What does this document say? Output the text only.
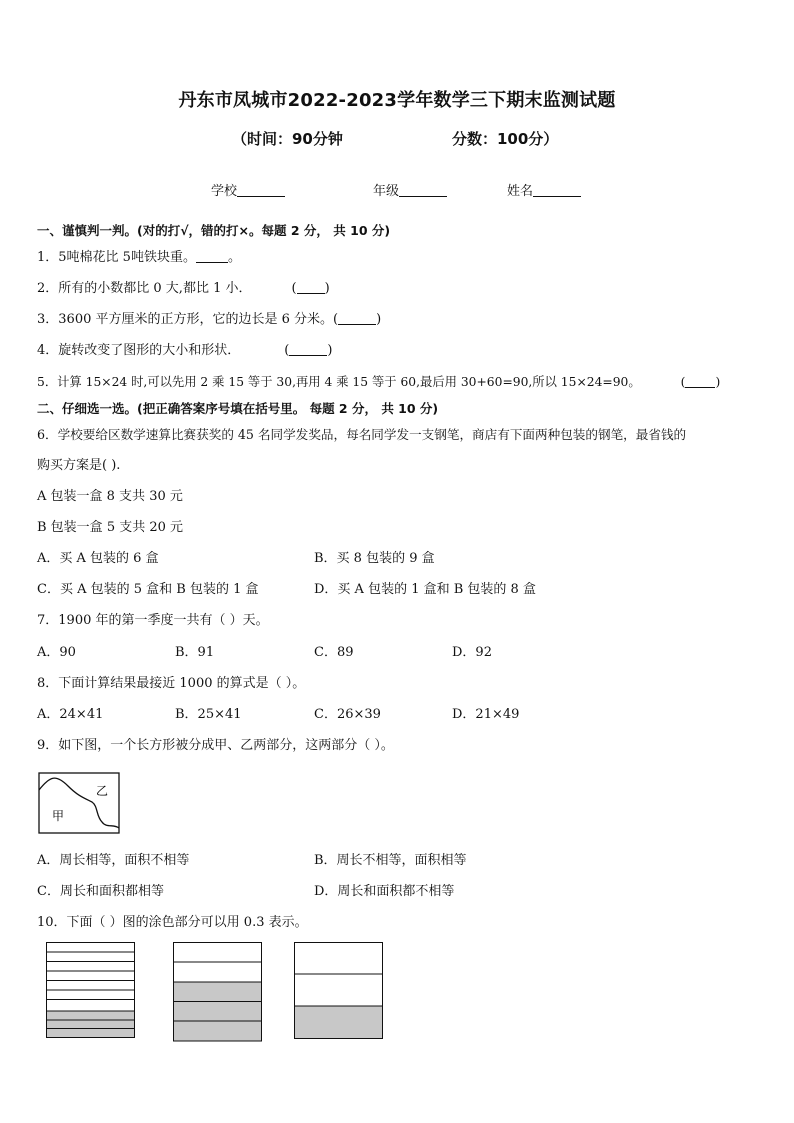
丹东市凤城市2022-2023学年数学三下期末监测试题
（时间：90分钟	分数：100分）
学校	年级	姓名
一、谨慎判一判。(对的打√，错的打×。每题 2 分， 共 10 分)
1．5吨棉花比 5吨铁块重。 。
2．所有的小数都比 0 大,都比 1 小．	( )
3．3600 平方厘米的正方形，它的边长是 6 分米。(	)
4．旋转改变了图形的大小和形状．	(	)
5．计算 15×24 时,可以先用 2 乘 15 等于 30,再用 4 乘 15 等于 60,最后用 30+60=90,所以 15×24=90。	( )
二、仔细选一选。(把正确答案序号填在括号里。 每题 2 分， 共 10 分)
6．学校要给区数学速算比赛获奖的 45 名同学发奖品，每名同学发一支钢笔，商店有下面两种包装的钢笔，最省钱的
购买方案是( ).
A 包装一盒 8 支共 30 元
B 包装一盒 5 支共 20 元
A．买 A 包装的 6 盒	B．买 8 包装的 9 盒
C．买 A 包装的 5 盒和 B 包装的 1 盒	D．买 A 包装的 1 盒和 B 包装的 8 盒
7．1900 年的第一季度一共有（ ）天。
A．90	B．91	C．89	D．92
8．下面计算结果最接近 1000 的算式是（ ）。
A．24×41	B．25×41	C．26×39	D．21×49
9．如下图，一个长方形被分成甲、乙两部分，这两部分（ ）。
甲
乙
A．周长相等，面积不相等	B．周长不相等，面积相等
C．周长和面积都相等	D．周长和面积都不相等
10．下面（ ）图的涂色部分可以用 0.3 表示。
